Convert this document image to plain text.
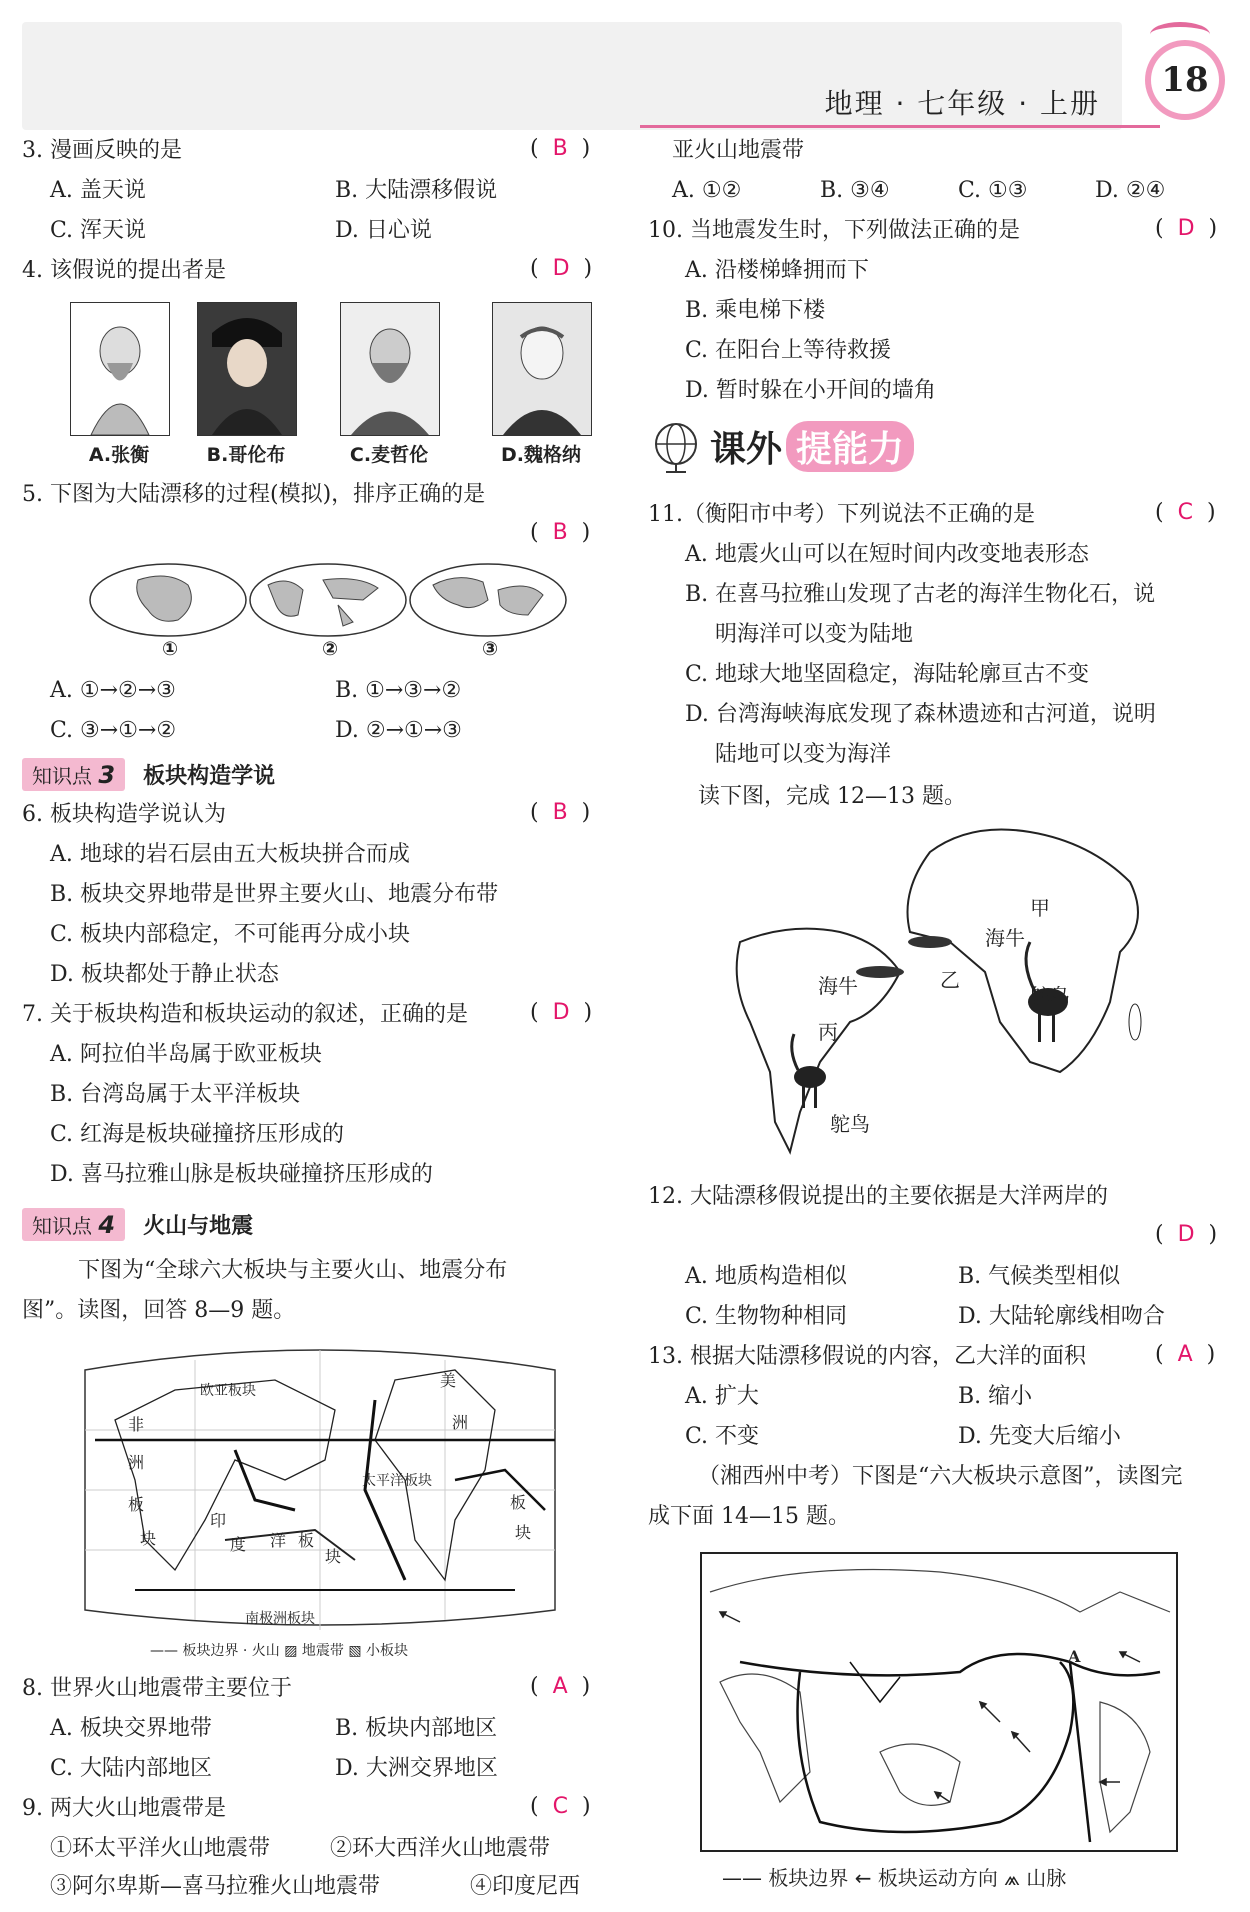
地理 · 七年级 · 上册
18
3. 漫画反映的是	(  B  )
A. 盖天说	B. 大陆漂移假说
C. 浑天说	D. 日心说
4. 该假说的提出者是	(  D  )
A.张衡	B.哥伦布	C.麦哲伦	D.魏格纳
5. 下图为大陆漂移的过程(模拟)，排序正确的是
(  B  )
①	②	③
A. ①→②→③	B. ①→③→②
C. ③→①→②	D. ②→①→③
知识点 3	板块构造学说
6. 板块构造学说认为	(  B  )
A. 地球的岩石层由五大板块拼合而成
B. 板块交界地带是世界主要火山、地震分布带
C. 板块内部稳定，不可能再分成小块
D. 板块都处于静止状态
7. 关于板块构造和板块运动的叙述，正确的是	(  D  )
A. 阿拉伯半岛属于欧亚板块
B. 台湾岛属于太平洋板块
C. 红海是板块碰撞挤压形成的
D. 喜马拉雅山脉是板块碰撞挤压形成的
知识点 4	火山与地震
下图为“全球六大板块与主要火山、地震分布
图”。读图，回答 8—9 题。
欧亚板块
美
洲
非
洲
板
块
印
度
太平洋板块
洋 板
块
板
块
南极洲板块
—— 板块边界 · 火山 ▨ 地震带 ▧ 小板块
8. 世界火山地震带主要位于	(  A  )
A. 板块交界地带	B. 板块内部地区
C. 大陆内部地区	D. 大洲交界地区
9. 两大火山地震带是	(  C  )
①环太平洋火山地震带	②环大西洋火山地震带
③阿尔卑斯—喜马拉雅火山地震带	④印度尼西
亚火山地震带
A. ①②	B. ③④	C. ①③	D. ②④
10. 当地震发生时，下列做法正确的是	(  D  )
A. 沿楼梯蜂拥而下
B. 乘电梯下楼
C. 在阳台上等待救援
D. 暂时躲在小开间的墙角
课外 提能力
11.（衡阳市中考）下列说法不正确的是	(  C  )
A. 地震火山可以在短时间内改变地表形态
B. 在喜马拉雅山发现了古老的海洋生物化石，说
明海洋可以变为陆地
C. 地球大地坚固稳定，海陆轮廓亘古不变
D. 台湾海峡海底发现了森林遗迹和古河道，说明
陆地可以变为海洋
读下图，完成 12—13 题。
甲
乙
丙
海牛
海牛	鸵鸟
鸵鸟
12. 大陆漂移假说提出的主要依据是大洋两岸的
(  D  )
A. 地质构造相似	B. 气候类型相似
C. 生物物种相同	D. 大陆轮廓线相吻合
13. 根据大陆漂移假说的内容，乙大洋的面积	(  A  )
A. 扩大	B. 缩小
C. 不变	D. 先变大后缩小
（湘西州中考）下图是“六大板块示意图”，读图完
成下面 14—15 题。
A
—— 板块边界 ← 板块运动方向 ⩕ 山脉
